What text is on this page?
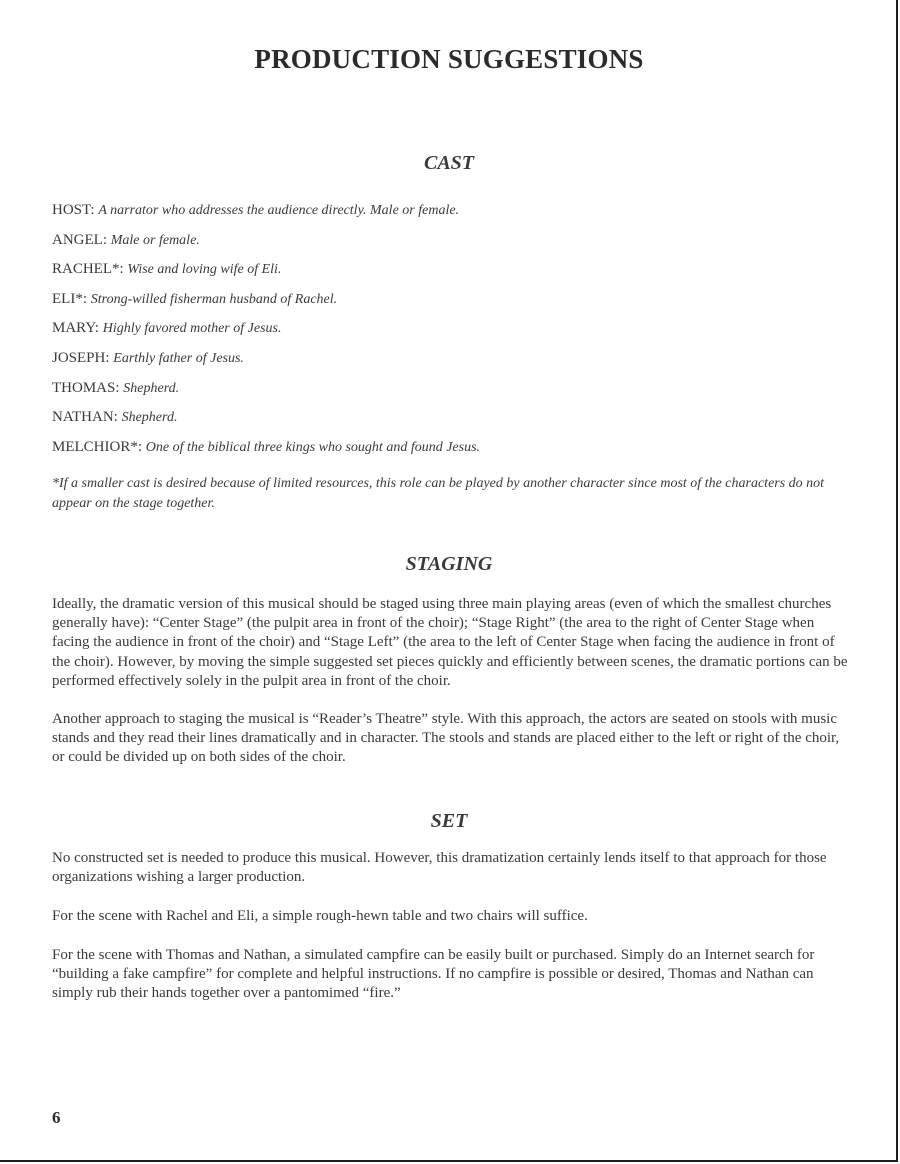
PRODUCTION SUGGESTIONS
CAST
HOST: A narrator who addresses the audience directly. Male or female.
ANGEL: Male or female.
RACHEL*: Wise and loving wife of Eli.
ELI*: Strong-willed fisherman husband of Rachel.
MARY: Highly favored mother of Jesus.
JOSEPH: Earthly father of Jesus.
THOMAS: Shepherd.
NATHAN: Shepherd.
MELCHIOR*: One of the biblical three kings who sought and found Jesus.

*If a smaller cast is desired because of limited resources, this role can be played by another character since most of the characters do not appear on the stage together.

STAGING

Ideally, the dramatic version of this musical should be staged using three main playing areas (even of which the smallest churches generally have): “Center Stage” (the pulpit area in front of the choir); “Stage Right” (the area to the right of Center Stage when facing the audience in front of the choir) and “Stage Left” (the area to the left of Center Stage when facing the audience in front of the choir). However, by moving the simple suggested set pieces quickly and efficiently between scenes, the dramatic portions can be performed effectively solely in the pulpit area in front of the choir.

Another approach to staging the musical is “Reader’s Theatre” style. With this approach, the actors are seated on stools with music stands and they read their lines dramatically and in character. The stools and stands are placed either to the left or right of the choir, or could be divided up on both sides of the choir.

SET

No constructed set is needed to produce this musical. However, this dramatization certainly lends itself to that approach for those organizations wishing a larger production.

For the scene with Rachel and Eli, a simple rough-hewn table and two chairs will suffice.

For the scene with Thomas and Nathan, a simulated campfire can be easily built or purchased. Simply do an Internet search for “building a fake campfire” for complete and helpful instructions. If no campfire is possible or desired, Thomas and Nathan can simply rub their hands together over a pantomimed “fire.”

6
